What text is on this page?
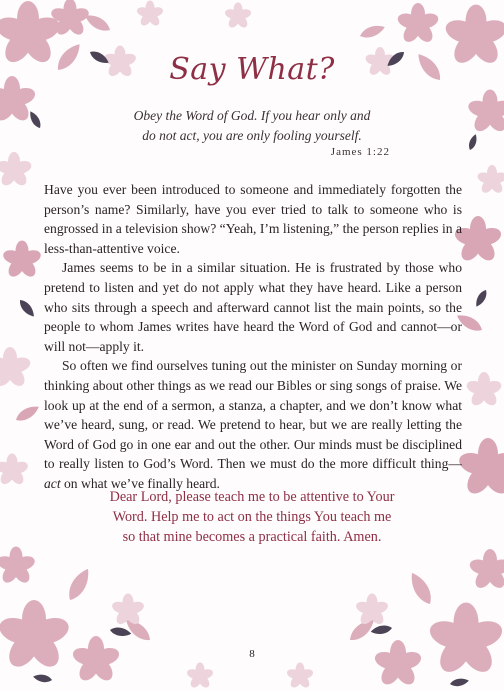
Say What?
Obey the Word of God. If you hear only and
do not act, you are only fooling yourself.
James 1:22

Have you ever been introduced to someone and immediately forgotten the person’s name? Similarly, have you ever tried to talk to someone who is engrossed in a television show? “Yeah, I’m listening,” the person replies in a less-than-attentive voice.

James seems to be in a similar situation. He is frustrated by those who pretend to listen and yet do not apply what they have heard. Like a person who sits through a speech and afterward cannot list the main points, so the people to whom James writes have heard the Word of God and cannot—or will not—apply it.

So often we find ourselves tuning out the minister on Sunday morning or thinking about other things as we read our Bibles or sing songs of praise. We look up at the end of a sermon, a stanza, a chapter, and we don’t know what we’ve heard, sung, or read. We pretend to hear, but we are really letting the Word of God go in one ear and out the other. Our minds must be disciplined to really listen to God’s Word. Then we must do the more difficult thing—act on what we’ve finally heard.

Dear Lord, please teach me to be attentive to Your
Word. Help me to act on the things You teach me
so that mine becomes a practical faith. Amen.
8
